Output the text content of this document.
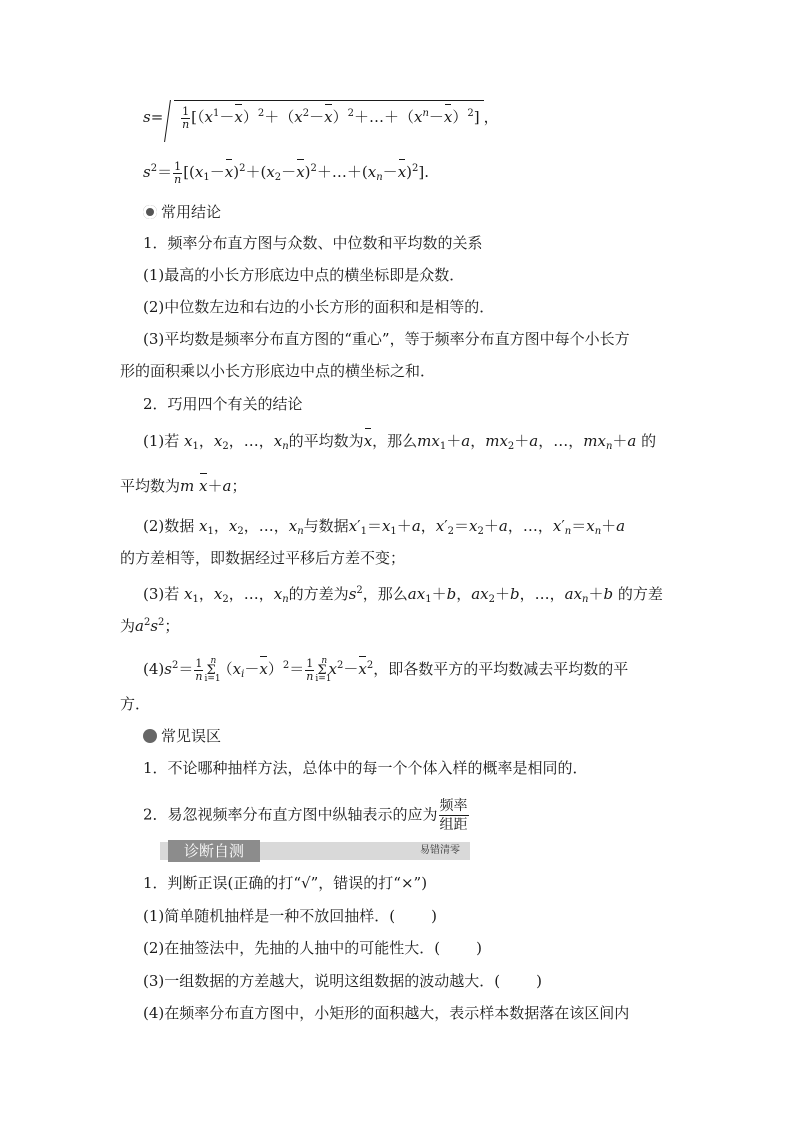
$s= \frac{1}{n}$ $[(x^1-x)^2+(x^2-x)^2+\dots+(x^n-x)^2]$，
$s^2= \frac{1}{n}$ $[(x_1-x)^2+(x_2-x)^2+\dots+(x_n-x)^2]$.
常用结论
1．频率分布直方图与众数、中位数和平均数的关系
(1)最高的小长方形底边中点的横坐标即是众数．
(2)中位数左边和右边的小长方形的面积和是相等的．
(3)平均数是频率分布直方图的“重心”，等于频率分布直方图中每个小长方
形的面积乘以小长方形底边中点的横坐标之和．
2．巧用四个有关的结论
(1)若 $x_1$，$x_2$，…，$x_n$的平均数为x，那么$mx_1+a$，$mx_2+a$，…，$mx_n+a$ 的
平均数为m x＋a；
(2)数据 $x_1$，$x_2$，…，$x_n$与数据$x'_1=x_1+a$，$x'_2=x_2+a$，…，$x'_n=x_n+a$
的方差相等，即数据经过平移后方差不变；
(3)若 $x_1$，$x_2$，…，$x_n$的方差为$s^2$，那么$ax_1+b$，$ax_2+b$，…，$ax_n+b$ 的方差
为$a^2s^2$；
$(4)s^2= \frac{1}{n}$ n
Σ
i=1
$(x_i-x)^2= \frac{1}{n}$ n
Σ
i=1
$x^2-x^2$，即各数平方的平均数减去平均数的平
方．
常见误区
1．不论哪种抽样方法，总体中的每一个个体入样的概率是相同的．
2．易忽视频率分布直方图中纵轴表示的应为 $\frac{\text{频率}}{\text{组距}}$
诊断自测	易错清零
1．判断正误(正确的打“√”，错误的打“×”)
(1)简单随机抽样是一种不放回抽样．( )
(2)在抽签法中，先抽的人抽中的可能性大．( )
(3)一组数据的方差越大，说明这组数据的波动越大．( )
(4)在频率分布直方图中，小矩形的面积越大，表示样本数据落在该区间内
